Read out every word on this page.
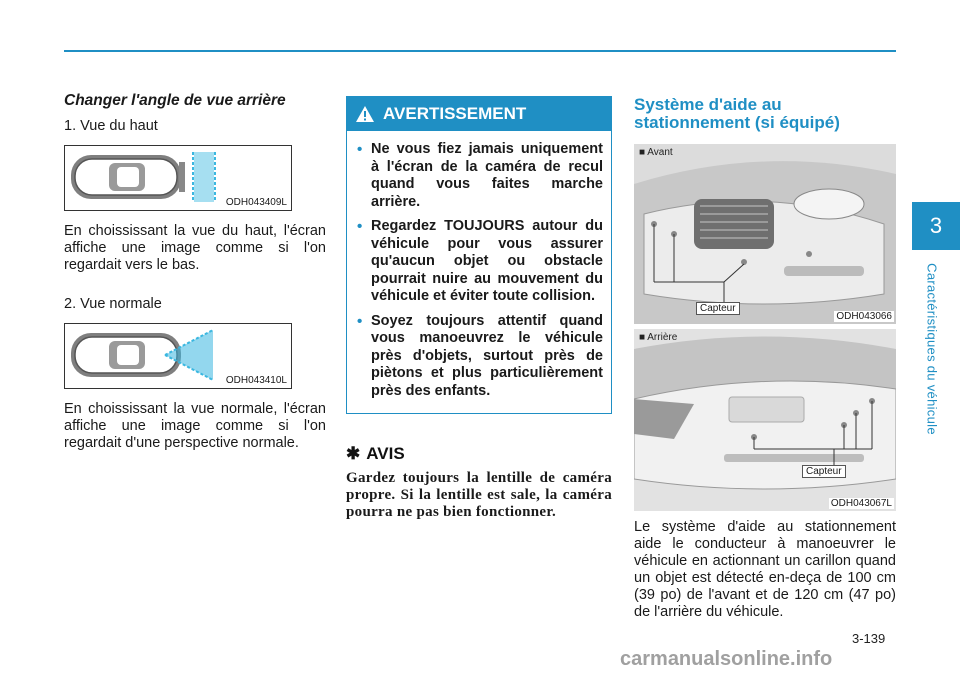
Changer l'angle de vue arrière

1. Vue du haut

ODH043409L

En choississant la vue du haut, l'écran affiche une image comme si l'on regardait vers le bas.

2. Vue normale

ODH043410L

En choississant la vue normale, l'écran affiche une image comme si l'on regardait d'une perspective normale.

AVERTISSEMENT
• Ne vous fiez jamais uniquement à l'écran de la caméra de recul quand vous faites marche arrière.
• Regardez TOUJOURS autour du véhicule pour vous assurer qu'aucun objet ou obstacle pourrait nuire au mouvement du véhicule et éviter toute collision.
• Soyez toujours attentif quand vous manoeuvrez le véhicule près d'objets, surtout près de piètons et plus particulièrement près des enfants.
✱ AVIS

Gardez toujours la lentille de caméra propre. Si la lentille est sale, la caméra pourra ne pas bien fonctionner.

Système d'aide au stationnement (si équipé)

■ Avant
Capteur
ODH043066
■ Arrière
Capteur
ODH043067L

Le système d'aide au stationnement aide le conducteur à manoeuvrer le véhicule en actionnant un carillon quand un objet est détecté en-deça de 100 cm (39 po) de l'avant et de 120 cm (47 po) de l'arrière du véhicule.

3
Caractéristiques du véhicule
3-139
carmanualsonline.info
